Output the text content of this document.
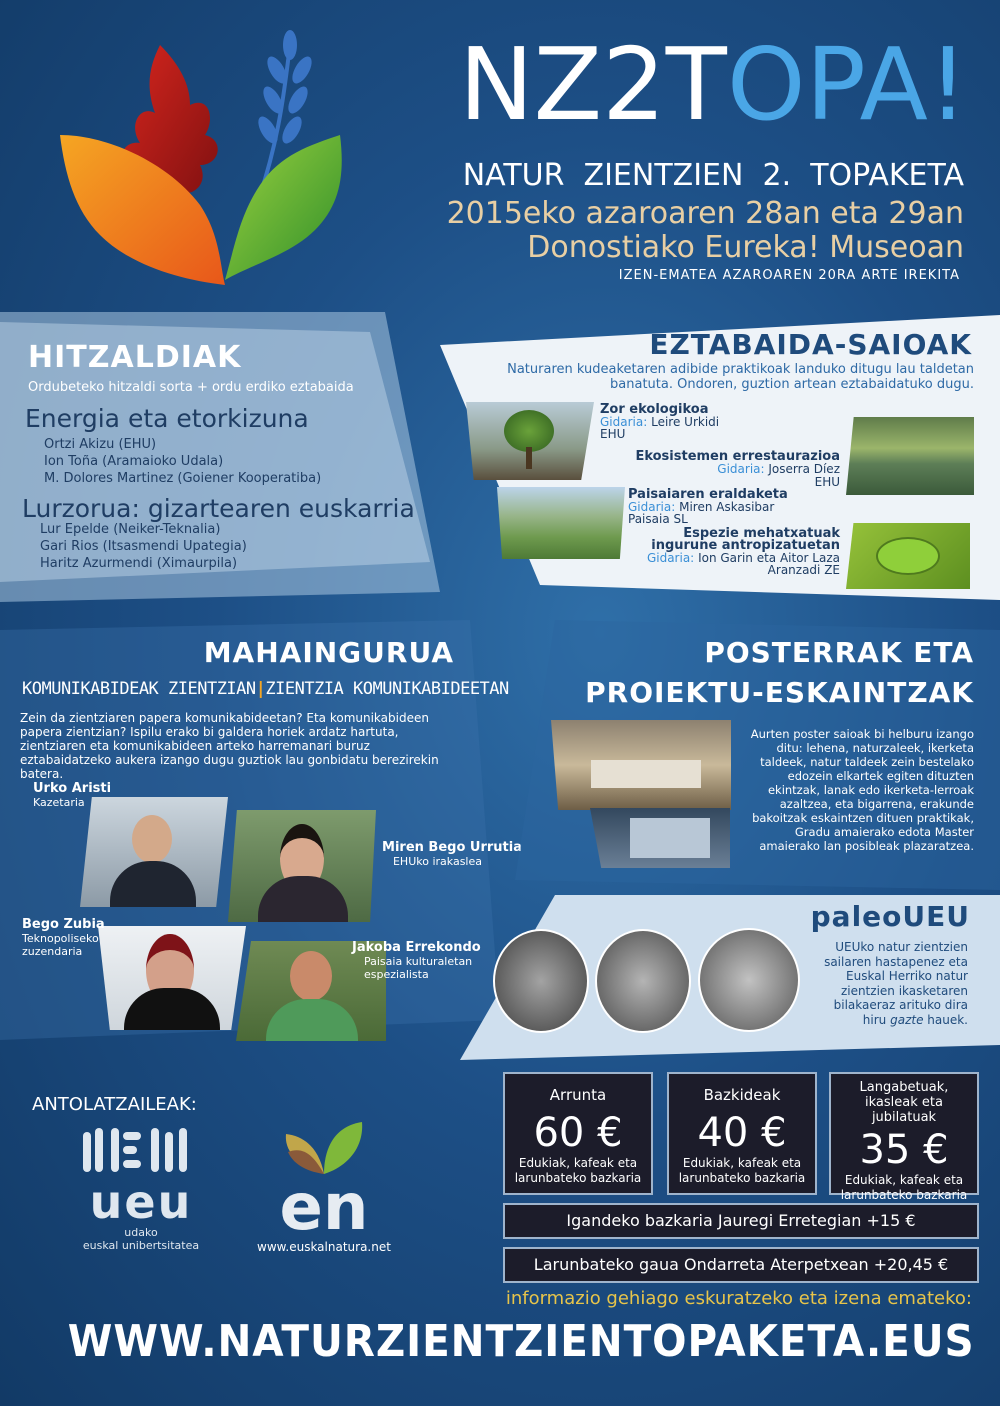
NZ2TOPA!
NATUR  ZIENTZIEN  2.  TOPAKETA
2015eko azaroaren 28an eta 29an
Donostiako Eureka! Museoan
IZEN-EMATEA AZAROAREN 20RA ARTE IREKITA
HITZALDIAK
Ordubeteko hitzaldi sorta + ordu erdiko eztabaida
Energia eta etorkizuna
Ortzi Akizu (EHU)
Ion Toña (Aramaioko Udala)
M. Dolores Martinez (Goiener Kooperatiba)
Lurzorua: gizartearen euskarria
Lur Epelde (Neiker-Teknalia)
Gari Rios (Itsasmendi Upategia)
Haritz Azurmendi (Ximaurpila)
EZTABAIDA-SAIOAK
Naturaren kudeaketaren adibide praktikoak landuko ditugu lau taldetan banatuta. Ondoren, guztion artean eztabaidatuko dugu.
Zor ekologikoa
Gidaria: Leire Urkidi
EHU
Ekosistemen errestaurazioa
Gidaria: Joserra Díez
EHU
Paisaiaren eraldaketa
Gidaria: Miren Askasibar
Paisaia SL
Espezie mehatxatuak
ingurune antropizatuetan
Gidaria: Ion Garin eta Aitor Laza
Aranzadi ZE
MAHAINGURUA
KOMUNIKABIDEAK ZIENTZIAN|ZIENTZIA KOMUNIKABIDEETAN
Zein da zientziaren papera komunikabideetan? Eta komunikabideen papera zientzian? Ispilu erako bi galdera horiek ardatz hartuta, zientziaren eta komunikabideen arteko harremanari buruz eztabaidatzeko aukera izango dugu guztiok lau gonbidatu berezirekin batera.
Urko Aristi
Kazetaria
Miren Bego Urrutia
EHUko irakaslea
Bego Zubia
Teknopoliseko
zuzendaria	Jakoba Errekondo
Paisaia kulturaletan
espezialista
POSTERRAK ETA
PROIEKTU-ESKAINTZAK
Aurten poster saioak bi helburu izango ditu: lehena, naturzaleek, ikerketa taldeek, natur taldeek zein bestelako edozein elkartek egiten dituzten ekintzak, lanak edo ikerketa-lerroak azaltzea, eta bigarrena, erakunde bakoitzak eskaintzen dituen praktikak, Gradu amaierako edota Master amaierako lan posibleak plazaratzea.
paleoUEU
UEUko natur zientzien sailaren hastapenez eta Euskal Herriko natur zientzien ikasketaren bilakaeraz arituko dira hiru gazte hauek.
ANTOLATZAILEAK:
ueu
udako
euskal unibertsitatea
en
www.euskalnatura.net
Arrunta
60 €
Edukiak, kafeak eta
larunbateko bazkaria
Bazkideak
40 €
Edukiak, kafeak eta
larunbateko bazkaria
Langabetuak, ikasleak eta jubilatuak
35 €
Edukiak, kafeak eta
larunbateko bazkaria
Igandeko bazkaria Jauregi Erretegian +15 €
Larunbateko gaua Ondarreta Aterpetxean +20,45 €
informazio gehiago eskuratzeko eta izena emateko:
WWW.NATURZIENTZIENTOPAKETA.EUS
